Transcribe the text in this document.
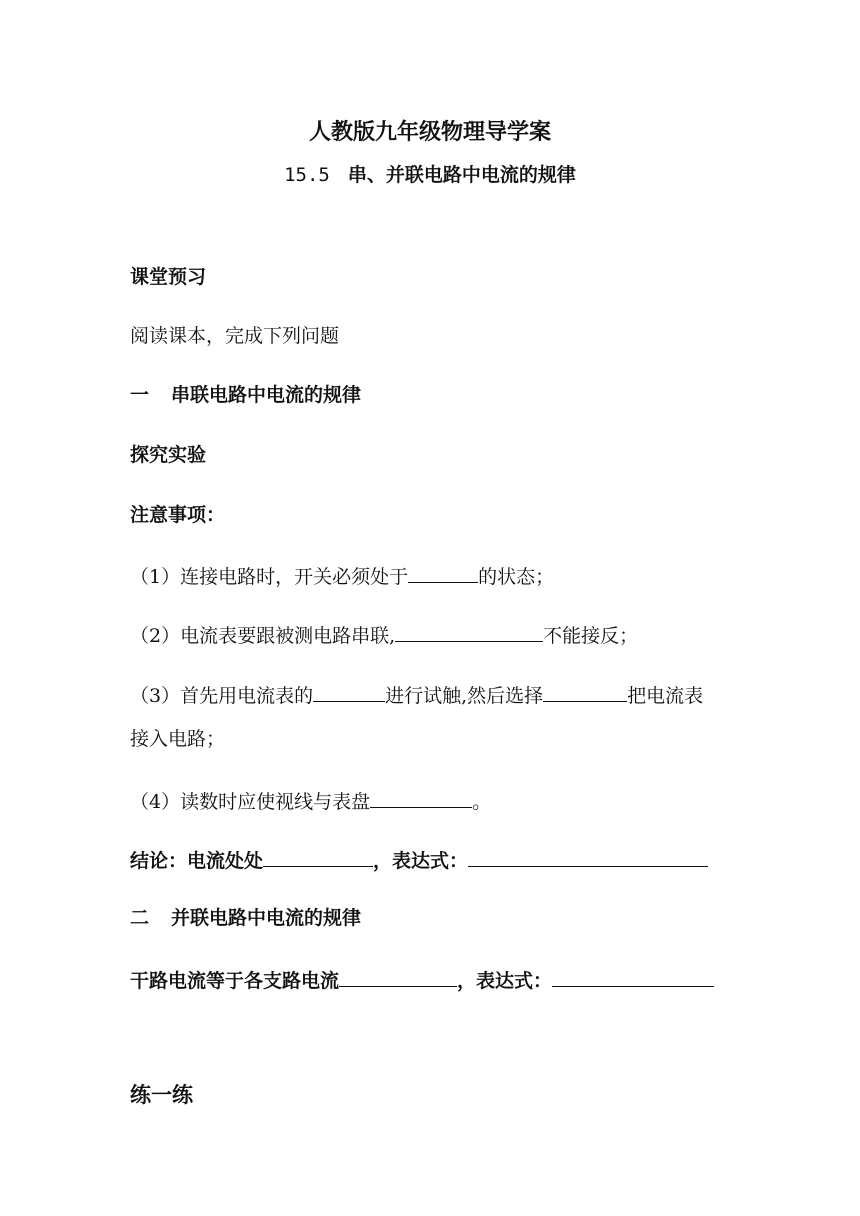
人教版九年级物理导学案
15.5 串、并联电路中电流的规律
课堂预习
阅读课本，完成下列问题
一 串联电路中电流的规律
探究实验
注意事项：
（1）连接电路时，开关必须处于	的状态；
（2）电流表要跟被测电路串联,	不能接反；
（3）首先用电流表的	进行试触,然后选择	把电流表
接入电路；
（4）读数时应使视线与表盘	。
结论：电流处处	，表达式：
二 并联电路中电流的规律
干路电流等于各支路电流	，表达式：
练一练
